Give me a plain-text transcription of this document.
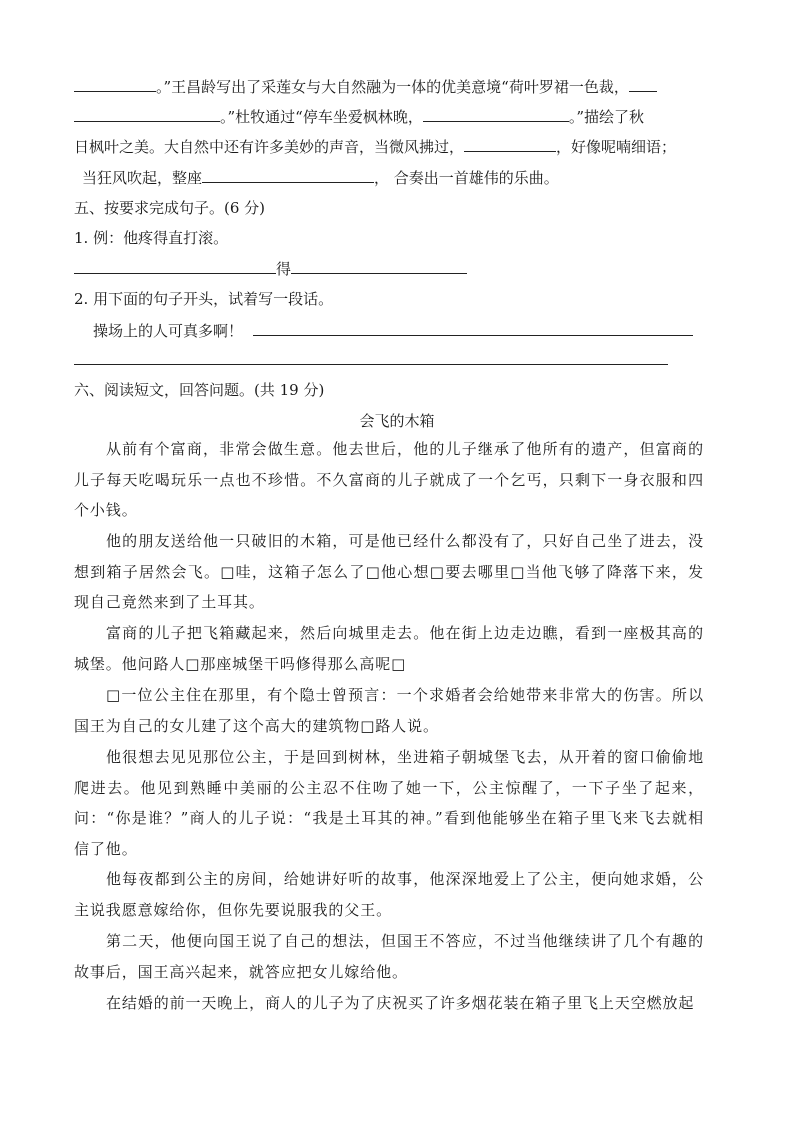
。”王昌龄写出了采莲女与大自然融为一体的优美意境“荷叶罗裙一色裁，
。”杜牧通过“停车坐爱枫林晚，	。”描绘了秋
日枫叶之美。大自然中还有许多美妙的声音，当微风拂过，	，好像呢喃细语；
当狂风吹起，整座	， 合奏出一首雄伟的乐曲。
五、按要求完成句子。(6 分)
1. 例：他疼得直打滚。
得
2. 用下面的句子开头，试着写一段话。
操场上的人可真多啊！
六、阅读短文，回答问题。(共 19 分)
会飞的木箱
从前有个富商，非常会做生意。他去世后，他的儿子继承了他所有的遗产，但富商的儿子每天吃喝玩乐一点也不珍惜。不久富商的儿子就成了一个乞丐，只剩下一身衣服和四个小钱。
他的朋友送给他一只破旧的木箱，可是他已经什么都没有了，只好自己坐了进去，没想到箱子居然会飞。□哇，这箱子怎么了□他心想□要去哪里□当他飞够了降落下来，发现自己竟然来到了土耳其。
富商的儿子把飞箱藏起来，然后向城里走去。他在街上边走边瞧，看到一座极其高的城堡。他问路人□那座城堡干吗修得那么高呢□
□一位公主住在那里，有个隐士曾预言：一个求婚者会给她带来非常大的伤害。所以国王为自己的女儿建了这个高大的建筑物□路人说。
他很想去见见那位公主，于是回到树林，坐进箱子朝城堡飞去，从开着的窗口偷偷地爬进去。他见到熟睡中美丽的公主忍不住吻了她一下，公主惊醒了，一下子坐了起来， 问：“你是谁？”商人的儿子说：“我是土耳其的神。”看到他能够坐在箱子里飞来飞去就相信了他。
他每夜都到公主的房间，给她讲好听的故事，他深深地爱上了公主，便向她求婚，公主说我愿意嫁给你，但你先要说服我的父王。
第二天，他便向国王说了自己的想法，但国王不答应，不过当他继续讲了几个有趣的故事后，国王高兴起来，就答应把女儿嫁给他。
在结婚的前一天晚上，商人的儿子为了庆祝买了许多烟花装在箱子里飞上天空燃放起
